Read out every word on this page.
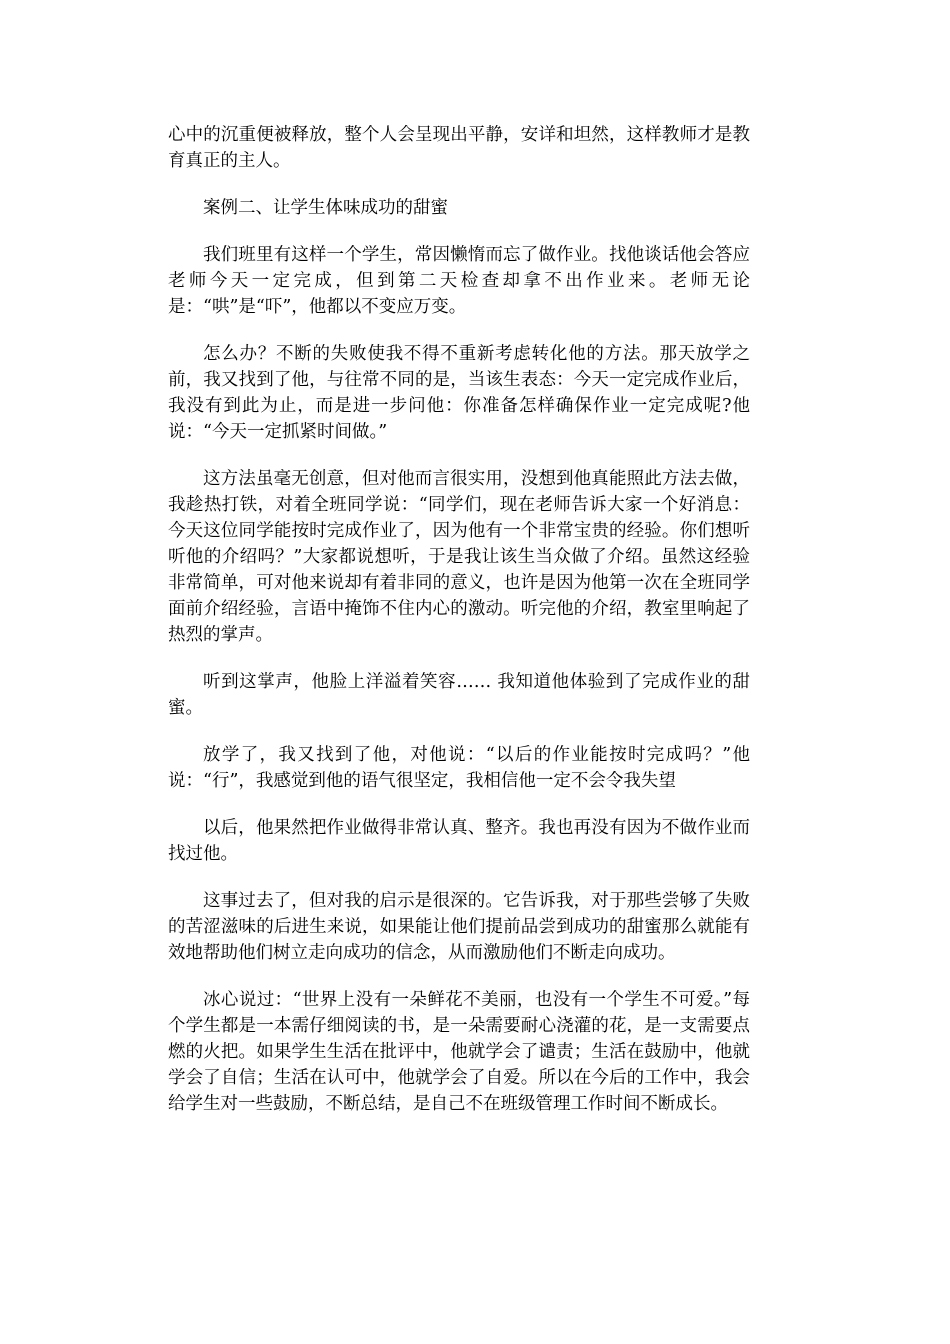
心中的沉重便被释放，整个人会呈现出平静，安详和坦然，这样教师才是教育真正的主人。

案例二、让学生体味成功的甜蜜

我们班里有这样一个学生，常因懒惰而忘了做作业。找他谈话他会答应老师今天一定完成，但到第二天检查却拿不出作业来。老师无论是：“哄”是“吓”，他都以不变应万变。

怎么办？不断的失败使我不得不重新考虑转化他的方法。那天放学之前，我又找到了他，与往常不同的是，当该生表态：今天一定完成作业后，我没有到此为止，而是进一步问他：你准备怎样确保作业一定完成呢?他说：“今天一定抓紧时间做。”

这方法虽毫无创意，但对他而言很实用，没想到他真能照此方法去做，我趁热打铁，对着全班同学说：“同学们，现在老师告诉大家一个好消息：今天这位同学能按时完成作业了，因为他有一个非常宝贵的经验。你们想听听他的介绍吗？”大家都说想听，于是我让该生当众做了介绍。虽然这经验非常简单，可对他来说却有着非同的意义，也许是因为他第一次在全班同学面前介绍经验，言语中掩饰不住内心的激动。听完他的介绍，教室里响起了热烈的掌声。

听到这掌声，他脸上洋溢着笑容…… 我知道他体验到了完成作业的甜蜜。

放学了，我又找到了他，对他说：“以后的作业能按时完成吗？”他说：“行”，我感觉到他的语气很坚定，我相信他一定不会令我失望

以后，他果然把作业做得非常认真、整齐。我也再没有因为不做作业而找过他。

这事过去了，但对我的启示是很深的。它告诉我，对于那些尝够了失败的苦涩滋味的后进生来说，如果能让他们提前品尝到成功的甜蜜那么就能有效地帮助他们树立走向成功的信念，从而激励他们不断走向成功。

冰心说过：“世界上没有一朵鲜花不美丽，也没有一个学生不可爱。”每个学生都是一本需仔细阅读的书，是一朵需要耐心浇灌的花，是一支需要点燃的火把。如果学生生活在批评中，他就学会了谴责；生活在鼓励中，他就学会了自信；生活在认可中，他就学会了自爱。所以在今后的工作中，我会给学生对一些鼓励，不断总结，是自己不在班级管理工作时间不断成长。
